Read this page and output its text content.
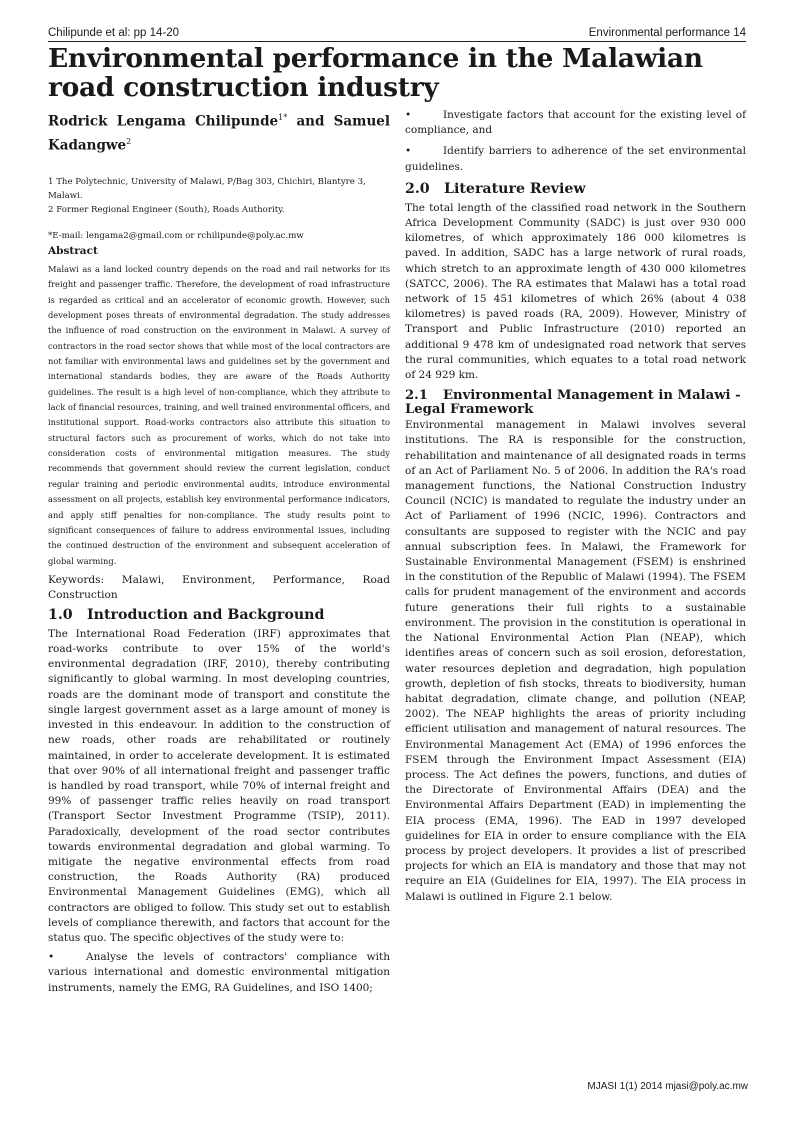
Chilipunde et al: pp 14-20	Environmental performance 14
Environmental performance in the Malawian road construction industry

Rodrick Lengama Chilipunde$^{1*}$ and Samuel Kadangwe$^2$

1 The Polytechnic, University of Malawi, P/Bag 303, Chichiri, Blantyre 3, Malawi.

2 Former Regional Engineer (South), Roads Authority.

*E-mail: lengama2@gmail.com or rchilipunde@poly.ac.mw

Abstract

Malawi as a land locked country depends on the road and rail networks for its freight and passenger traffic. Therefore, the development of road infrastructure is regarded as critical and an accelerator of economic growth. However, such development poses threats of environmental degradation. The study addresses the influence of road construction on the environment in Malawi. A survey of contractors in the road sector shows that while most of the local contractors are not familiar with environmental laws and guidelines set by the government and international standards bodies, they are aware of the Roads Authority guidelines. The result is a high level of non-compliance, which they attribute to lack of financial resources, training, and well trained environmental officers, and institutional support. Road-works contractors also attribute this situation to structural factors such as procurement of works, which do not take into consideration costs of environmental mitigation measures. The study recommends that government should review the current legislation, conduct regular training and periodic environmental audits, introduce environmental assessment on all projects, establish key environmental performance indicators, and apply stiff penalties for non-compliance. The study results point to significant consequences of failure to address environmental issues, including the continued destruction of the environment and subsequent acceleration of global warming.

Keywords: Malawi, Environment, Performance, Road Construction

1.0	Introduction and Background

The International Road Federation (IRF) approximates that road-works contribute to over 15% of the world's environmental degradation (IRF, 2010), thereby contributing significantly to global warming. In most developing countries, roads are the dominant mode of transport and constitute the single largest government asset as a large amount of money is invested in this endeavour. In addition to the construction of new roads, other roads are rehabilitated or routinely maintained, in order to accelerate development. It is estimated that over 90% of all international freight and passenger traffic is handled by road transport, while 70% of internal freight and 99% of passenger traffic relies heavily on road transport (Transport Sector Investment Programme (TSIP), 2011). Paradoxically, development of the road sector contributes towards environmental degradation and global warming. To mitigate the negative environmental effects from road construction, the Roads Authority (RA) produced Environmental Management Guidelines (EMG), which all contractors are obliged to follow. This study set out to establish levels of compliance therewith, and factors that account for the status quo. The specific objectives of the study were to:

•	Analyse the levels of contractors' compliance with various international and domestic environmental mitigation instruments, namely the EMG, RA Guidelines, and ISO 1400;
•	Investigate factors that account for the existing level of compliance, and
•	Identify barriers to adherence of the set environmental guidelines.
2.0	Literature Review

The total length of the classified road network in the Southern Africa Development Community (SADC) is just over 930 000 kilometres, of which approximately 186 000 kilometres is paved. In addition, SADC has a large network of rural roads, which stretch to an approximate length of 430 000 kilometres (SATCC, 2006). The RA estimates that Malawi has a total road network of 15 451 kilometres of which 26% (about 4 038 kilometres) is paved roads (RA, 2009). However, Ministry of Transport and Public Infrastructure (2010) reported an additional 9 478 km of undesignated road network that serves the rural communities, which equates to a total road network of 24 929 km.

2.1 Environmental Management in Malawi - Legal Framework

Environmental management in Malawi involves several institutions. The RA is responsible for the construction, rehabilitation and maintenance of all designated roads in terms of an Act of Parliament No. 5 of 2006. In addition the RA's road management functions, the National Construction Industry Council (NCIC) is mandated to regulate the industry under an Act of Parliament of 1996 (NCIC, 1996). Contractors and consultants are supposed to register with the NCIC and pay annual subscription fees. In Malawi, the Framework for Sustainable Environmental Management (FSEM) is enshrined in the constitution of the Republic of Malawi (1994). The FSEM calls for prudent management of the environment and accords future generations their full rights to a sustainable environment. The provision in the constitution is operational in the National Environmental Action Plan (NEAP), which identifies areas of concern such as soil erosion, deforestation, water resources depletion and degradation, high population growth, depletion of fish stocks, threats to biodiversity, human habitat degradation, climate change, and pollution (NEAP, 2002). The NEAP highlights the areas of priority including efficient utilisation and management of natural resources. The Environmental Management Act (EMA) of 1996 enforces the FSEM through the Environment Impact Assessment (EIA) process. The Act defines the powers, functions, and duties of the Directorate of Environmental Affairs (DEA) and the Environmental Affairs Department (EAD) in implementing the EIA process (EMA, 1996). The EAD in 1997 developed guidelines for EIA in order to ensure compliance with the EIA process by project developers. It provides a list of prescribed projects for which an EIA is mandatory and those that may not require an EIA (Guidelines for EIA, 1997). The EIA process in Malawi is outlined in Figure 2.1 below.

MJASI 1(1) 2014 mjasi@poly.ac.mw
